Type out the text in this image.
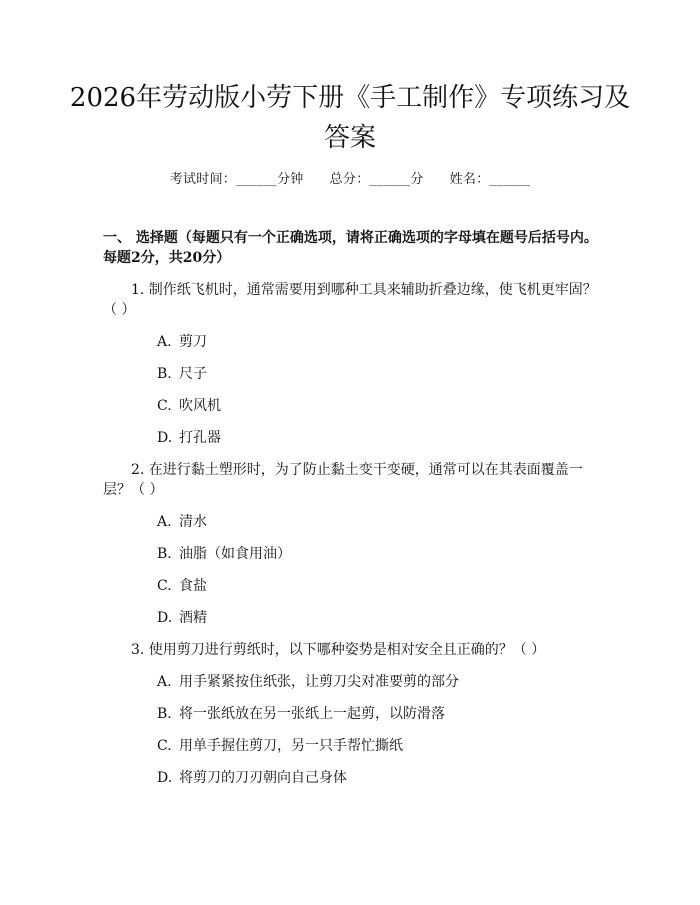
2026年劳动版小劳下册《手工制作》专项练习及答案
考试时间：______分钟 总分：______分 姓名：______
一、 选择题（每题只有一个正确选项，请将正确选项的字母填在题号后括号内。每题2分，共20分）
1. 制作纸飞机时，通常需要用到哪种工具来辅助折叠边缘，使飞机更牢固？（ ）
A. 剪刀
B. 尺子
C. 吹风机
D. 打孔器
2. 在进行黏土塑形时，为了防止黏土变干变硬，通常可以在其表面覆盖一层？（ ）
A. 清水
B. 油脂（如食用油）
C. 食盐
D. 酒精
3. 使用剪刀进行剪纸时，以下哪种姿势是相对安全且正确的？（ ）
A. 用手紧紧按住纸张，让剪刀尖对准要剪的部分
B. 将一张纸放在另一张纸上一起剪，以防滑落
C. 用单手握住剪刀，另一只手帮忙撕纸
D. 将剪刀的刀刃朝向自己身体
